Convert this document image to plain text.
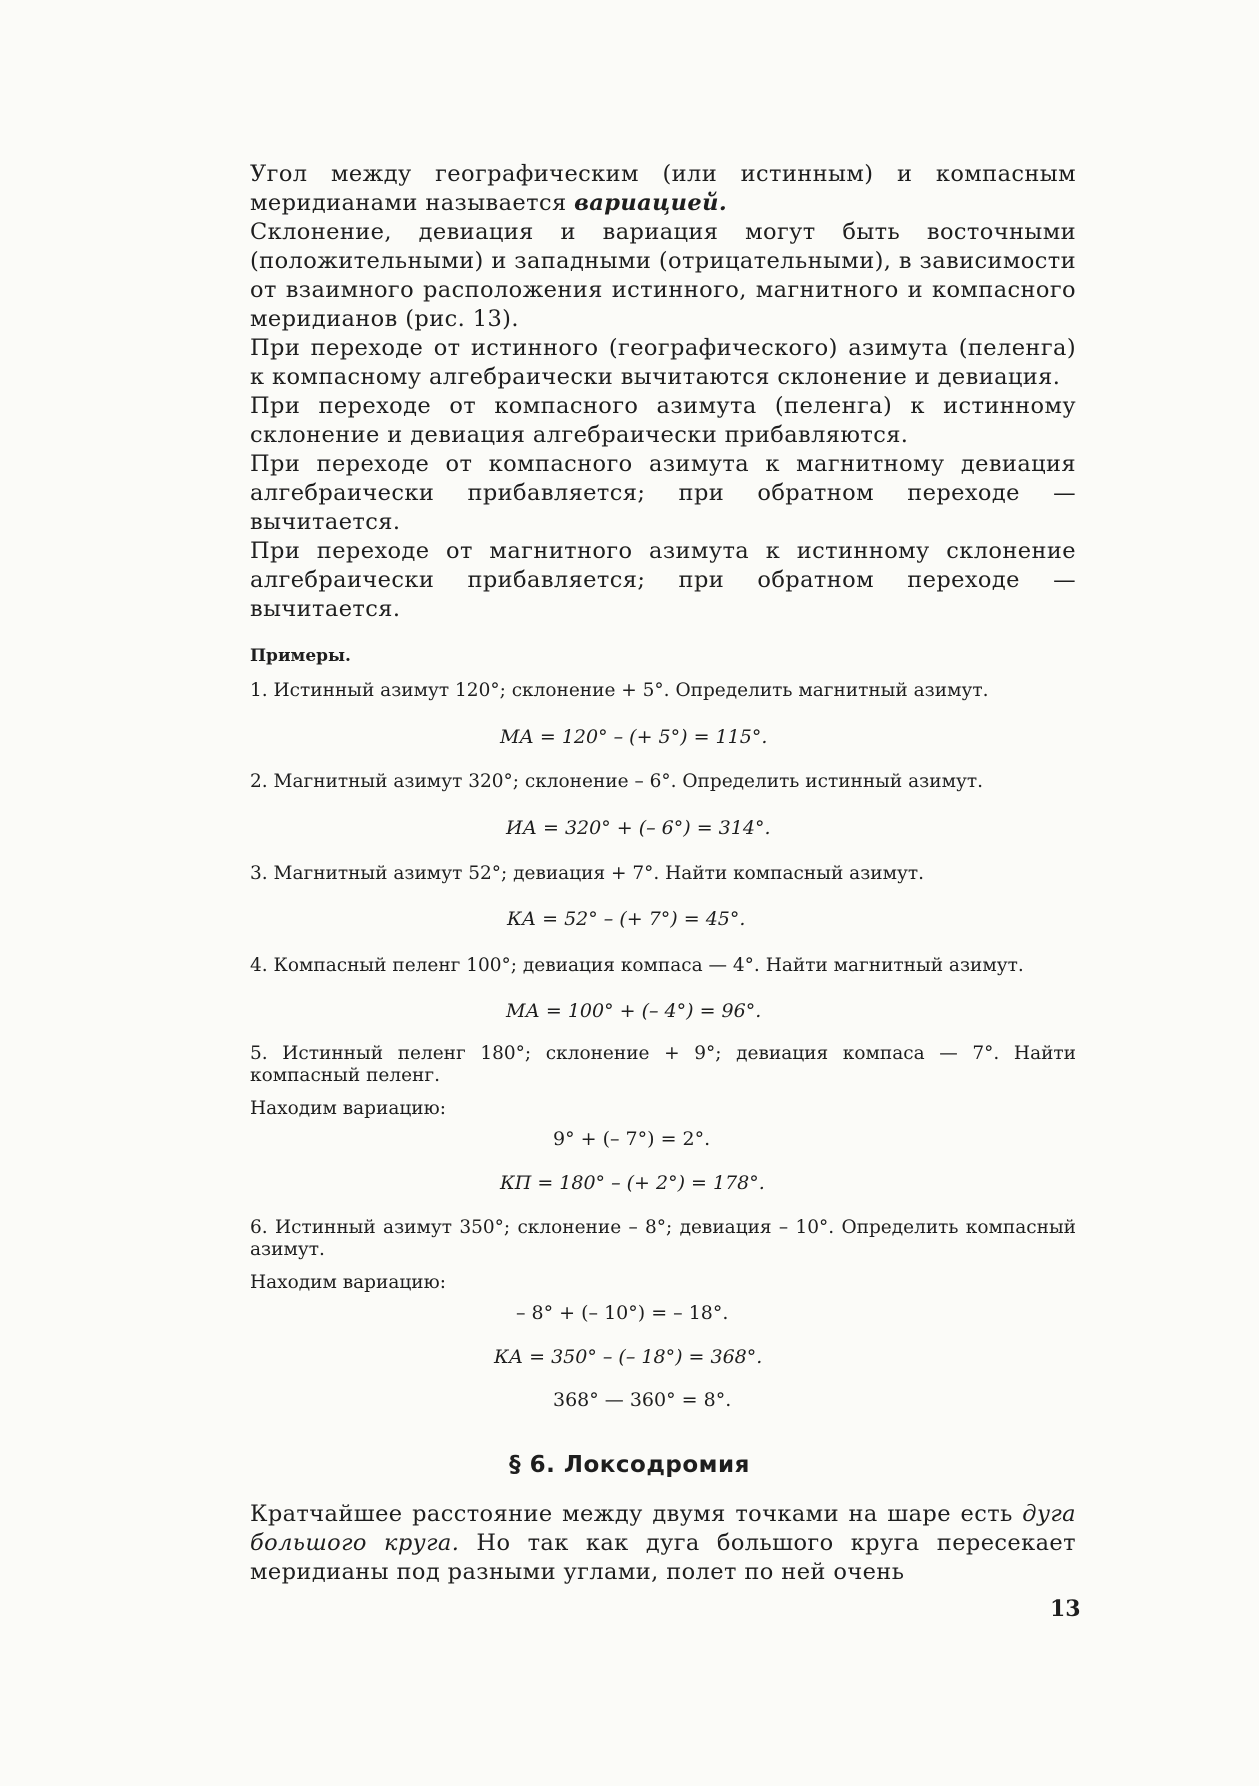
Угол между географическим (или истинным) и компасным меридианами называется вариацией.

Склонение, девиация и вариация могут быть восточными (положительными) и западными (отрицательными), в зависимости от взаимного расположения истинного, магнитного и компасного меридианов (рис. 13).

При переходе от истинного (географического) азимута (пеленга) к компасному алгебраически вычитаются склонение и девиация.

При переходе от компасного азимута (пеленга) к истинному склонение и девиация алгебраически прибавляются.

При переходе от компасного азимута к магнитному девиация алгебраически прибавляется; при обратном переходе — вычитается.

При переходе от магнитного азимута к истинному склонение алгебраически прибавляется; при обратном переходе — вычитается.

Примеры.
1. Истинный азимут 120°; склонение + 5°. Определить магнитный азимут.
МА = 120° – (+ 5°) = 115°.
2. Магнитный азимут 320°; склонение – 6°. Определить истинный азимут.
ИА = 320° + (– 6°) = 314°.
3. Магнитный азимут 52°; девиация + 7°. Найти компасный азимут.
КА = 52° – (+ 7°) = 45°.
4. Компасный пеленг 100°; девиация компаса — 4°. Найти магнитный азимут.
МА = 100° + (– 4°) = 96°.
5. Истинный пеленг 180°; склонение + 9°; девиация компаса — 7°. Найти компасный пеленг.
Находим вариацию:
9° + (– 7°) = 2°.
КП = 180° – (+ 2°) = 178°.
6. Истинный азимут 350°; склонение – 8°; девиация – 10°. Определить компасный азимут.
Находим вариацию:
– 8° + (– 10°) = – 18°.
КА = 350° – (– 18°) = 368°.
368° — 360° = 8°.
§ 6. Локсодромия
Кратчайшее расстояние между двумя точками на шаре есть дуга большого круга. Но так как дуга большого круга пересекает меридианы под разными углами, полет по ней очень
13
